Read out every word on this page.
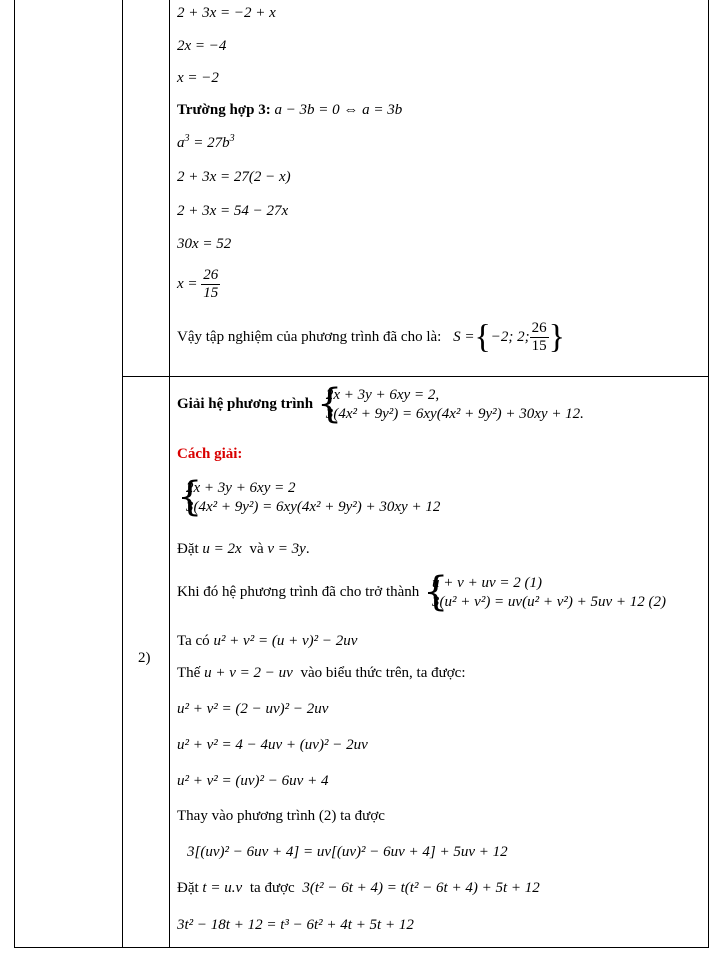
2 + 3x = −2 + x
2x = −4
x = −2
Trường hợp 3: a − 3b = 0 ⇔ a = 3b
$a^3 = 27b^3$
2 + 3x = 27(2 − x)
2 + 3x = 54 − 27x
30x = 52
$x = \frac{26}{15}$
Vậy tập nghiệm của phương trình đã cho là: S ={−2; 2; $\frac{26}{15}$ }
2)
Giải hệ phương trình {
2x + 3y + 6xy = 2,
3(4x² + 9y²) = 6xy(4x² + 9y²) + 30xy + 12.
Cách giải:
{
2x + 3y + 6xy = 2
3(4x² + 9y²) = 6xy(4x² + 9y²) + 30xy + 12
Đặt u = 2x và v = 3y.
Khi đó hệ phương trình đã cho trở thành {
u + v + uv = 2 (1)
3(u² + v²) = uv(u² + v²) + 5uv + 12 (2)
Ta có u² + v² = (u + v)² − 2uv
Thế u + v = 2 − uv vào biểu thức trên, ta được:
u² + v² = (2 − uv)² − 2uv
u² + v² = 4 − 4uv + (uv)² − 2uv
u² + v² = (uv)² − 6uv + 4
Thay vào phương trình (2) ta được
3[(uv)² − 6uv + 4] = uv[(uv)² − 6uv + 4] + 5uv + 12
Đặt t = u.v ta được 3(t² − 6t + 4) = t(t² − 6t + 4) + 5t + 12
3t² − 18t + 12 = t³ − 6t² + 4t + 5t + 12
